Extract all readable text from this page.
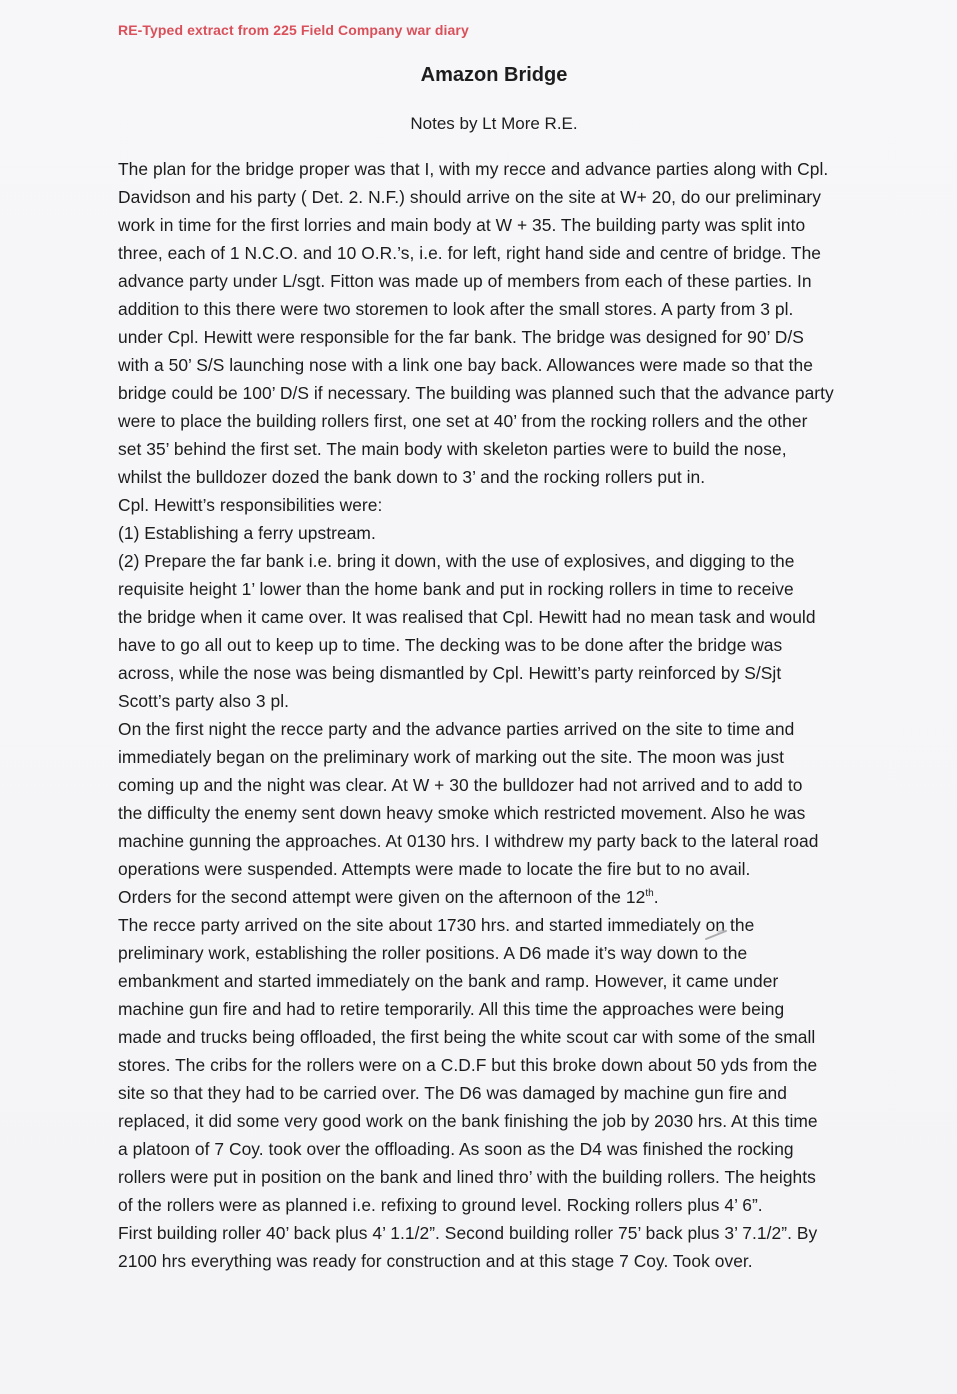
RE-Typed extract from 225 Field Company war diary
Amazon Bridge
Notes by Lt More R.E.
The plan for the bridge proper was that I, with my recce and advance parties along with Cpl.
Davidson and his party ( Det. 2. N.F.) should arrive on the site at W+ 20, do our preliminary
work in time for the first lorries and main body at W + 35. The building party was split into
three, each of 1 N.C.O. and 10 O.R.’s, i.e. for left, right hand side and centre of bridge. The
advance party under L/sgt. Fitton was made up of members from each of these parties. In
addition to this there were two storemen to look after the small stores. A party from 3 pl.
under Cpl. Hewitt were responsible for the far bank. The bridge was designed for 90’ D/S
with a 50’ S/S launching nose with a link one bay back. Allowances were made so that the
bridge could be 100’ D/S if necessary. The building was planned such that the advance party
were to place the building rollers first, one set at 40’ from the rocking rollers and the other
set 35’ behind the first set. The main body with skeleton parties were to build the nose,
whilst the bulldozer dozed the bank down to 3’ and the rocking rollers put in.
Cpl. Hewitt’s responsibilities were:
(1) Establishing a ferry upstream.
(2) Prepare the far bank i.e. bring it down, with the use of explosives, and digging to the
requisite height 1’ lower than the home bank and put in rocking rollers in time to receive
the bridge when it came over. It was realised that Cpl. Hewitt had no mean task and would
have to go all out to keep up to time. The decking was to be done after the bridge was
across, while the nose was being dismantled by Cpl. Hewitt’s party reinforced by S/Sjt
Scott’s party also 3 pl.
On the first night the recce party and the advance parties arrived on the site to time and
immediately began on the preliminary work of marking out the site. The moon was just
coming up and the night was clear. At W + 30 the bulldozer had not arrived and to add to
the difficulty the enemy sent down heavy smoke which restricted movement. Also he was
machine gunning the approaches. At 0130 hrs. I withdrew my party back to the lateral road
operations were suspended. Attempts were made to locate the fire but to no avail.
Orders for the second attempt were given on the afternoon of the 12th.
The recce party arrived on the site about 1730 hrs. and started immediately on the
preliminary work, establishing the roller positions. A D6 made it’s way down to the
embankment and started immediately on the bank and ramp. However, it came under
machine gun fire and had to retire temporarily. All this time the approaches were being
made and trucks being offloaded, the first being the white scout car with some of the small
stores. The cribs for the rollers were on a C.D.F but this broke down about 50 yds from the
site so that they had to be carried over. The D6 was damaged by machine gun fire and
replaced, it did some very good work on the bank finishing the job by 2030 hrs. At this time
a platoon of 7 Coy. took over the offloading. As soon as the D4 was finished the rocking
rollers were put in position on the bank and lined thro’ with the building rollers. The heights
of the rollers were as planned i.e. refixing to ground level. Rocking rollers plus 4’ 6”.
First building roller 40’ back plus 4’ 1.1/2”. Second building roller 75’ back plus 3’ 7.1/2”. By
2100 hrs everything was ready for construction and at this stage 7 Coy. Took over.
